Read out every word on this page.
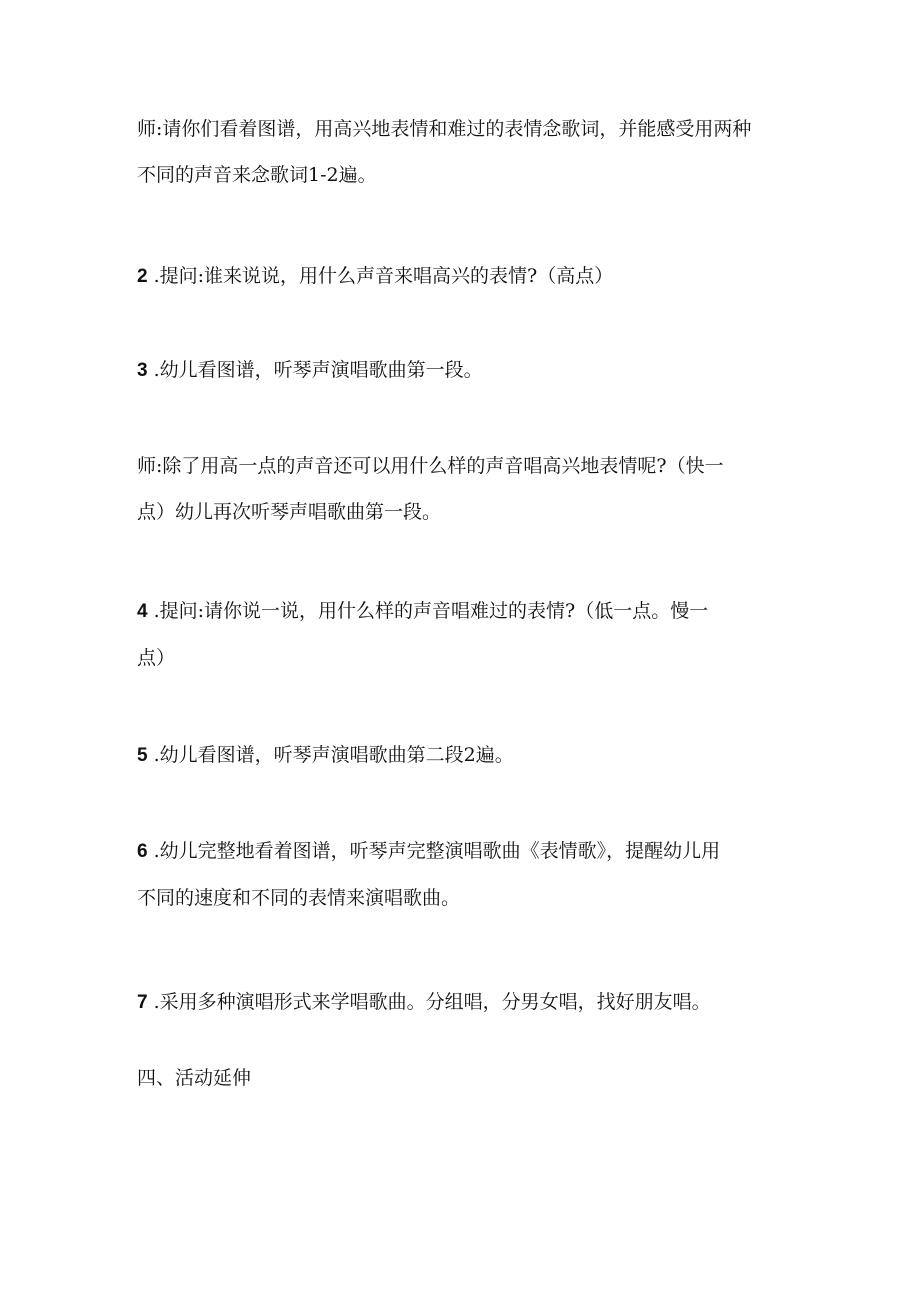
师:请你们看着图谱，用高兴地表情和难过的表情念歌词，并能感受用两种
不同的声音来念歌词1-2遍。

2 .提问:谁来说说，用什么声音来唱高兴的表情?（高点）

3 .幼儿看图谱，听琴声演唱歌曲第一段。

师:除了用高一点的声音还可以用什么样的声音唱高兴地表情呢?（快一
点）幼儿再次听琴声唱歌曲第一段。

4 .提问:请你说一说，用什么样的声音唱难过的表情?（低一点。慢一
点）

5 .幼儿看图谱，听琴声演唱歌曲第二段2遍。

6 .幼儿完整地看着图谱，听琴声完整演唱歌曲《表情歌》，提醒幼儿用
不同的速度和不同的表情来演唱歌曲。

7 .采用多种演唱形式来学唱歌曲。分组唱，分男女唱，找好朋友唱。

四、活动延伸
